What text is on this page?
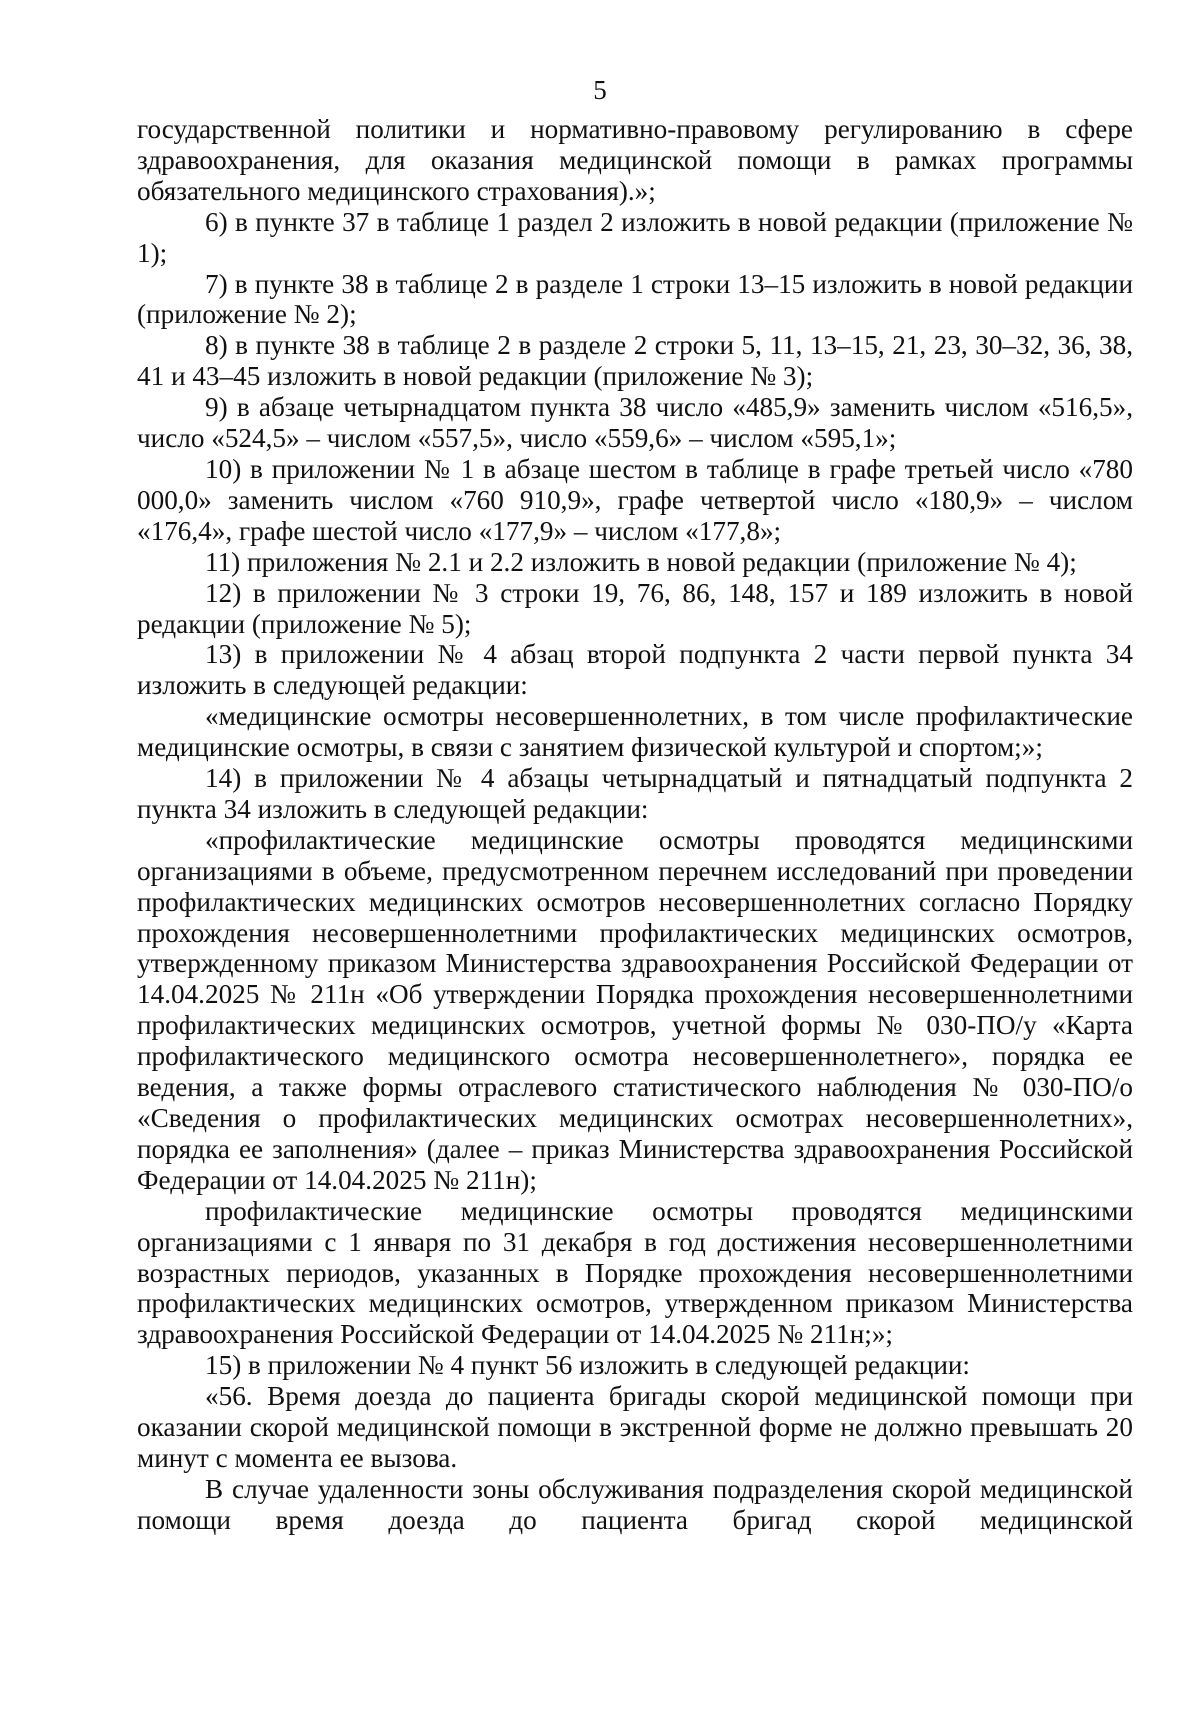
5

государственной политики и нормативно-правовому регулированию в сфере здравоохранения, для оказания медицинской помощи в рамках программы обязательного медицинского страхования).»;

6) в пункте 37 в таблице 1 раздел 2 изложить в новой редакции (приложение № 1);

7) в пункте 38 в таблице 2 в разделе 1 строки 13–15 изложить в новой редакции (приложение № 2);

8) в пункте 38 в таблице 2 в разделе 2 строки 5, 11, 13–15, 21, 23, 30–32, 36, 38, 41 и 43–45 изложить в новой редакции (приложение № 3);

9) в абзаце четырнадцатом пункта 38 число «485,9» заменить числом «516,5», число «524,5» – числом «557,5», число «559,6» – числом «595,1»;

10) в приложении № 1 в абзаце шестом в таблице в графе третьей число «780 000,0» заменить числом «760 910,9», графе четвертой число «180,9» – числом «176,4», графе шестой число «177,9» – числом «177,8»;

11) приложения № 2.1 и 2.2 изложить в новой редакции (приложение № 4);

12) в приложении № 3 строки 19, 76, 86, 148, 157 и 189 изложить в новой редакции (приложение № 5);

13) в приложении № 4 абзац второй подпункта 2 части первой пункта 34 изложить в следующей редакции:

«медицинские осмотры несовершеннолетних, в том числе профилактические медицинские осмотры, в связи с занятием физической культурой и спортом;»;

14) в приложении № 4 абзацы четырнадцатый и пятнадцатый подпункта 2 пункта 34 изложить в следующей редакции:

«профилактические медицинские осмотры проводятся медицинскими организациями в объеме, предусмотренном перечнем исследований при проведении профилактических медицинских осмотров несовершеннолетних согласно Порядку прохождения несовершеннолетними профилактических медицинских осмотров, утвержденному приказом Министерства здравоохранения Российской Федерации от 14.04.2025 № 211н «Об утверждении Порядка прохождения несовершеннолетними профилактических медицинских осмотров, учетной формы № 030-ПО/у «Карта профилактического медицинского осмотра несовершеннолетнего», порядка ее ведения, а также формы отраслевого статистического наблюдения № 030-ПО/о «Сведения о профилактических медицинских осмотрах несовершеннолетних», порядка ее заполнения» (далее – приказ Министерства здравоохранения Российской Федерации от 14.04.2025 № 211н);

профилактические медицинские осмотры проводятся медицинскими организациями с 1 января по 31 декабря в год достижения несовершеннолетними возрастных периодов, указанных в Порядке прохождения несовершеннолетними профилактических медицинских осмотров, утвержденном приказом Министерства здравоохранения Российской Федерации от 14.04.2025 № 211н;»;

15) в приложении № 4 пункт 56 изложить в следующей редакции:

«56. Время доезда до пациента бригады скорой медицинской помощи при оказании скорой медицинской помощи в экстренной форме не должно превышать 20 минут с момента ее вызова.

В случае удаленности зоны обслуживания подразделения скорой медицинской помощи время доезда до пациента бригад скорой медицинской
